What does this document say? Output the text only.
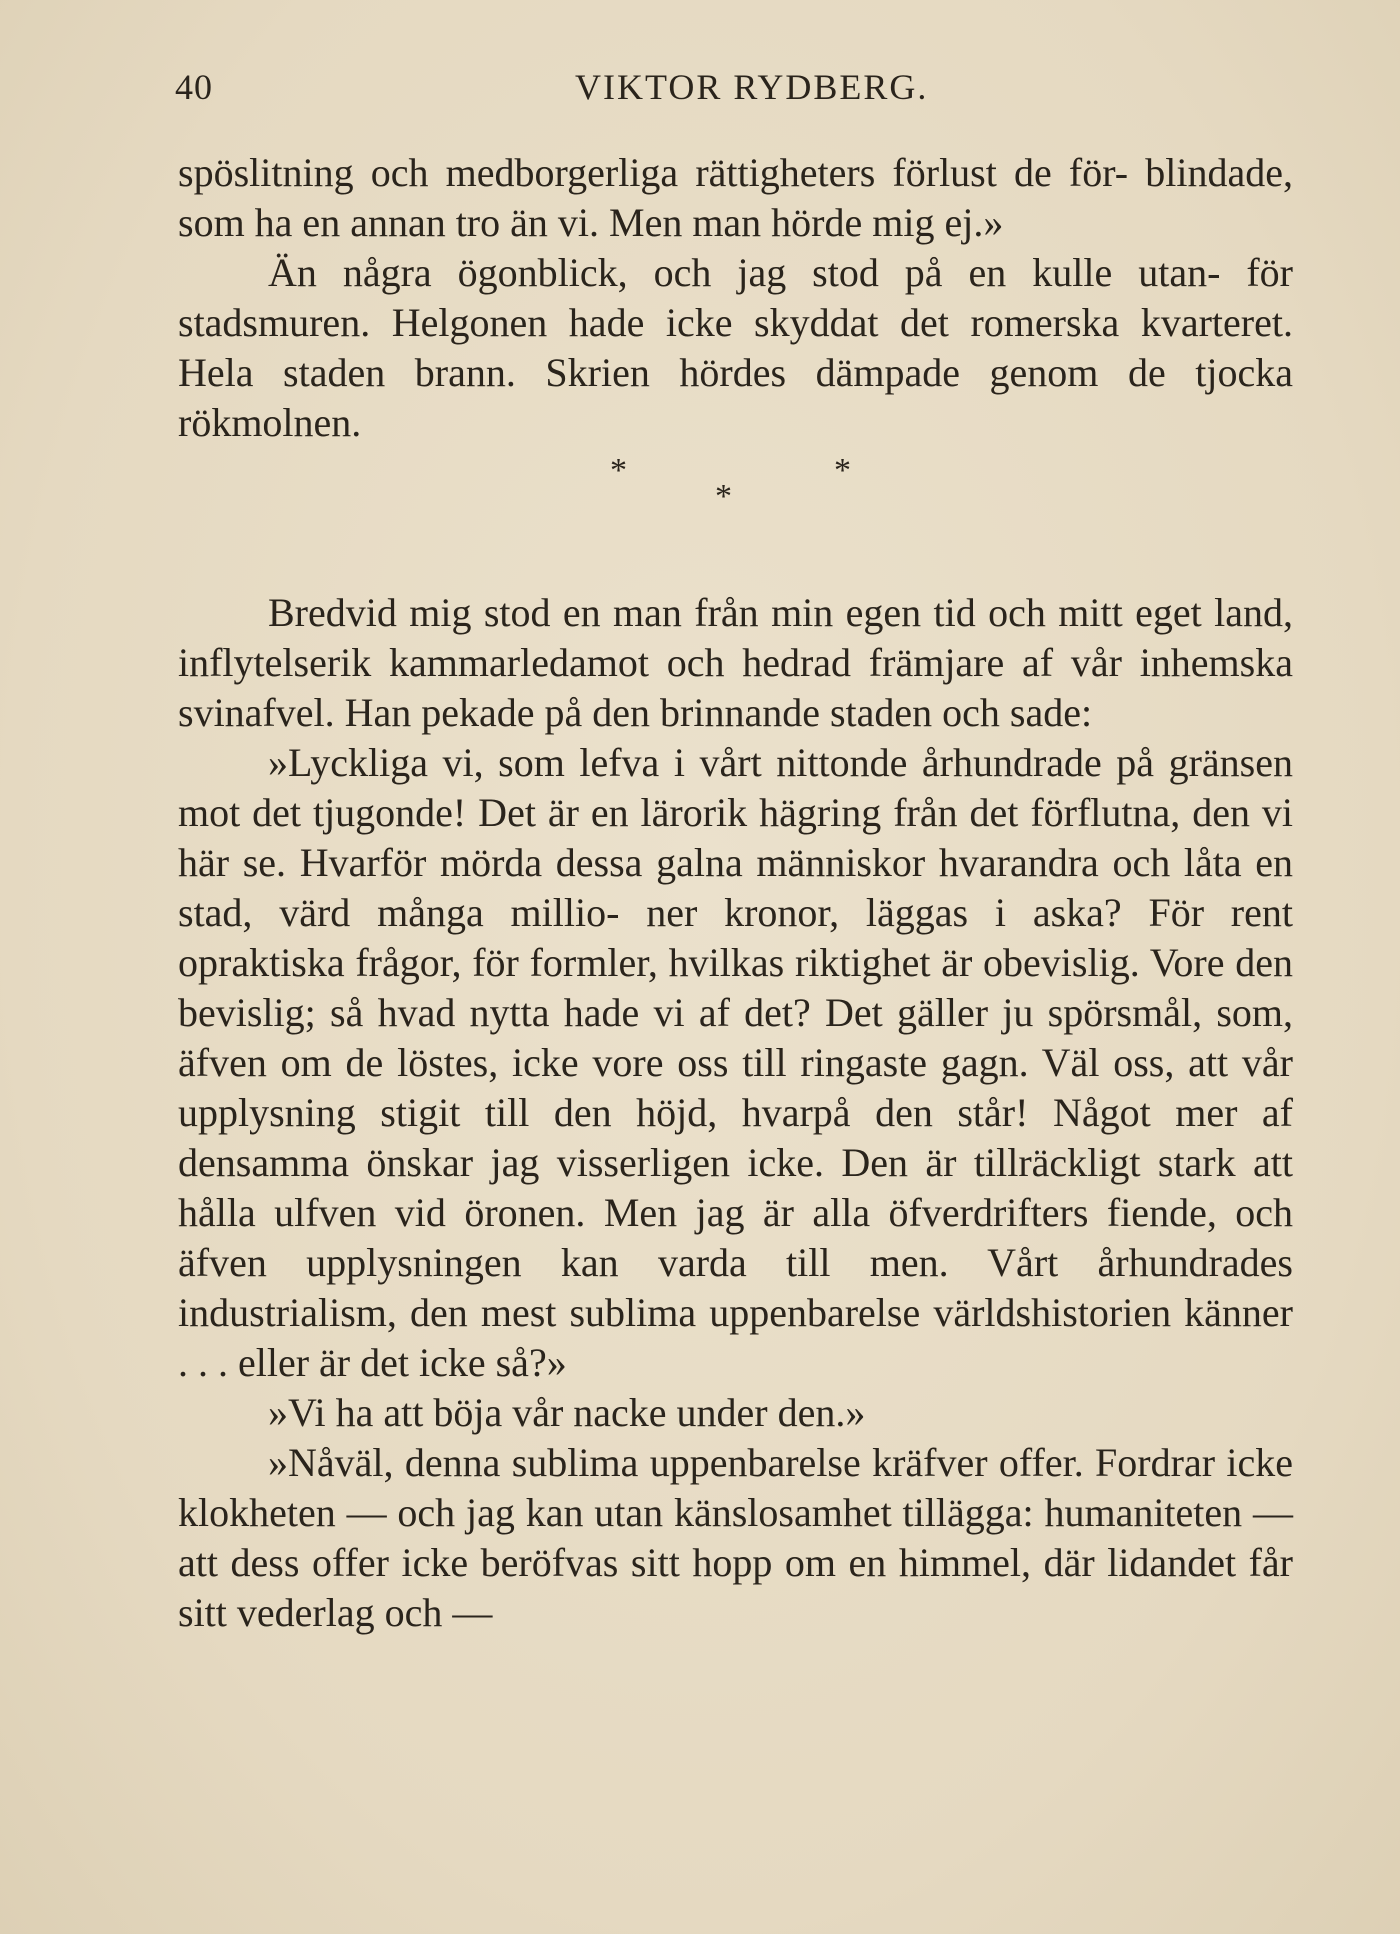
40	VIKTOR RYDBERG.

spöslitning och medborgerliga rättigheters förlust de för- blindade, som ha en annan tro än vi. Men man hörde mig ej.»

Än några ögonblick, och jag stod på en kulle utan- för stadsmuren. Helgonen hade icke skyddat det romerska kvarteret. Hela staden brann. Skrien hördes dämpade genom de tjocka rökmolnen.

*
*
*

Bredvid mig stod en man från min egen tid och mitt eget land, inflytelserik kammarledamot och hedrad främjare af vår inhemska svinafvel. Han pekade på den brinnande staden och sade:

»Lyckliga vi, som lefva i vårt nittonde århundrade på gränsen mot det tjugonde! Det är en lärorik hägring från det förflutna, den vi här se. Hvarför mörda dessa galna människor hvarandra och låta en stad, värd många millio- ner kronor, läggas i aska? För rent opraktiska frågor, för formler, hvilkas riktighet är obevislig. Vore den bevislig; så hvad nytta hade vi af det? Det gäller ju spörsmål, som, äfven om de löstes, icke vore oss till ringaste gagn. Väl oss, att vår upplysning stigit till den höjd, hvarpå den står! Något mer af densamma önskar jag visserligen icke. Den är tillräckligt stark att hålla ulfven vid öronen. Men jag är alla öfverdrifters fiende, och äfven upplysningen kan varda till men. Vårt århundrades industrialism, den mest sublima uppenbarelse världshistorien känner . . . eller är det icke så?»

»Vi ha att böja vår nacke under den.»

»Nåväl, denna sublima uppenbarelse kräfver offer. Fordrar icke klokheten — och jag kan utan känslosamhet tillägga: humaniteten — att dess offer icke beröfvas sitt hopp om en himmel, där lidandet får sitt vederlag och —
